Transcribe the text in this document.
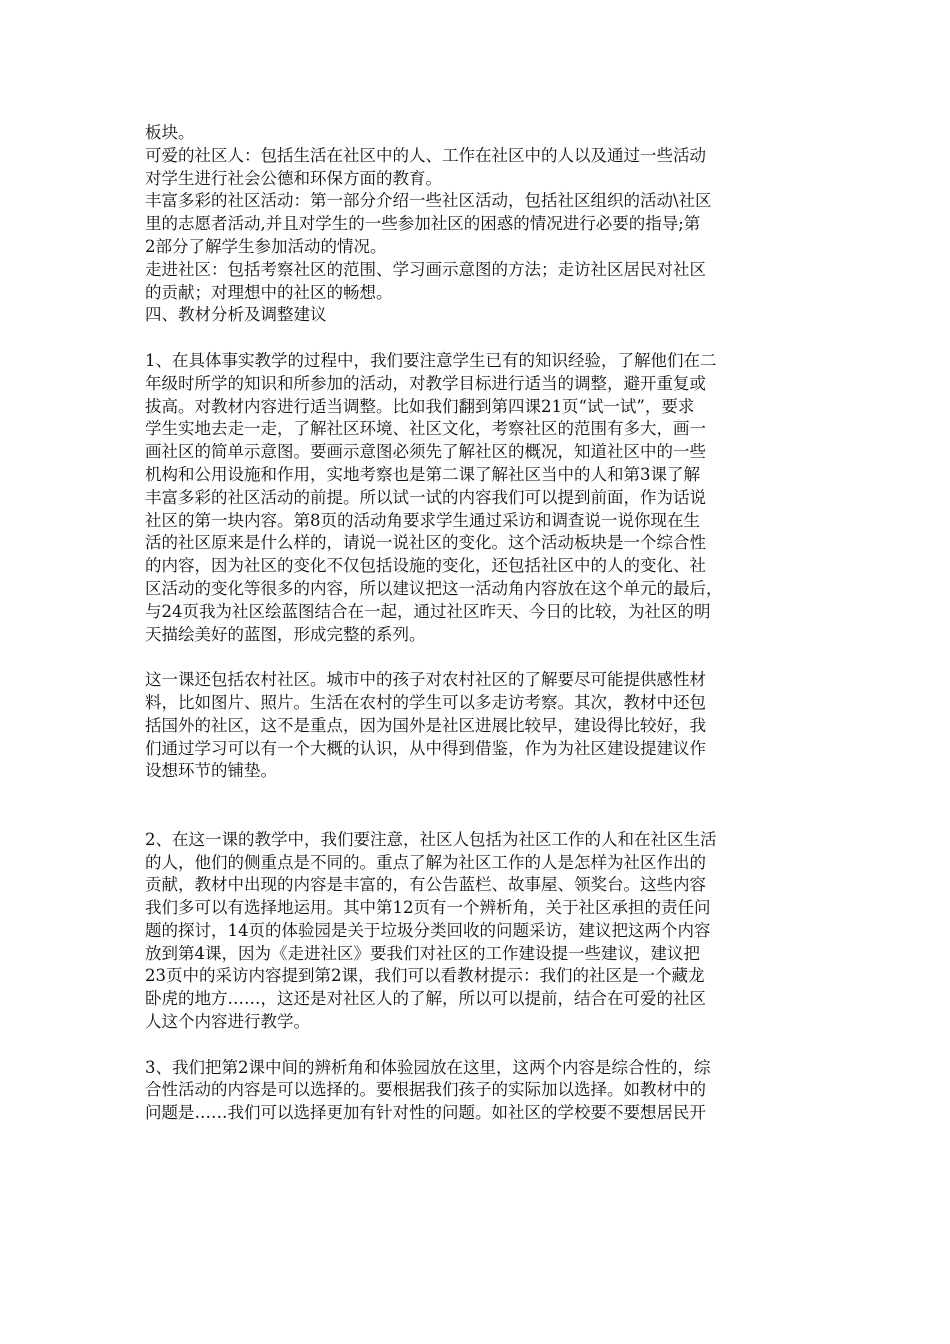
板块。
可爱的社区人：包括生活在社区中的人、工作在社区中的人以及通过一些活动
对学生进行社会公德和环保方面的教育。
丰富多彩的社区活动：第一部分介绍一些社区活动，包括社区组织的活动\社区
里的志愿者活动,并且对学生的一些参加社区的困惑的情况进行必要的指导;第
2部分了解学生参加活动的情况。
走进社区：包括考察社区的范围、学习画示意图的方法；走访社区居民对社区
的贡献；对理想中的社区的畅想。
四、教材分析及调整建议
1、在具体事实教学的过程中，我们要注意学生已有的知识经验，了解他们在二
年级时所学的知识和所参加的活动，对教学目标进行适当的调整，避开重复或
拔高。对教材内容进行适当调整。比如我们翻到第四课21页“试一试”，要求
学生实地去走一走，了解社区环境、社区文化，考察社区的范围有多大，画一
画社区的简单示意图。要画示意图必须先了解社区的概况，知道社区中的一些
机构和公用设施和作用，实地考察也是第二课了解社区当中的人和第3课了解
丰富多彩的社区活动的前提。所以试一试的内容我们可以提到前面，作为话说
社区的第一块内容。第8页的活动角要求学生通过采访和调查说一说你现在生
活的社区原来是什么样的，请说一说社区的变化。这个活动板块是一个综合性
的内容，因为社区的变化不仅包括设施的变化，还包括社区中的人的变化、社
区活动的变化等很多的内容，所以建议把这一活动角内容放在这个单元的最后，
与24页我为社区绘蓝图结合在一起，通过社区昨天、今日的比较，为社区的明
天描绘美好的蓝图，形成完整的系列。
这一课还包括农村社区。城市中的孩子对农村社区的了解要尽可能提供感性材
料，比如图片、照片。生活在农村的学生可以多走访考察。其次，教材中还包
括国外的社区，这不是重点，因为国外是社区进展比较早，建设得比较好，我
们通过学习可以有一个大概的认识，从中得到借鉴，作为为社区建设提建议作
设想环节的铺垫。
2、在这一课的教学中，我们要注意，社区人包括为社区工作的人和在社区生活
的人，他们的侧重点是不同的。重点了解为社区工作的人是怎样为社区作出的
贡献，教材中出现的内容是丰富的，有公告蓝栏、故事屋、领奖台。这些内容
我们多可以有选择地运用。其中第12页有一个辨析角，关于社区承担的责任问
题的探讨，14页的体验园是关于垃圾分类回收的问题采访，建议把这两个内容
放到第4课，因为《走进社区》要我们对社区的工作建设提一些建议，建议把
23页中的采访内容提到第2课，我们可以看教材提示：我们的社区是一个藏龙
卧虎的地方……，这还是对社区人的了解，所以可以提前，结合在可爱的社区
人这个内容进行教学。
3、我们把第2课中间的辨析角和体验园放在这里，这两个内容是综合性的，综
合性活动的内容是可以选择的。要根据我们孩子的实际加以选择。如教材中的
问题是……我们可以选择更加有针对性的问题。如社区的学校要不要想居民开
